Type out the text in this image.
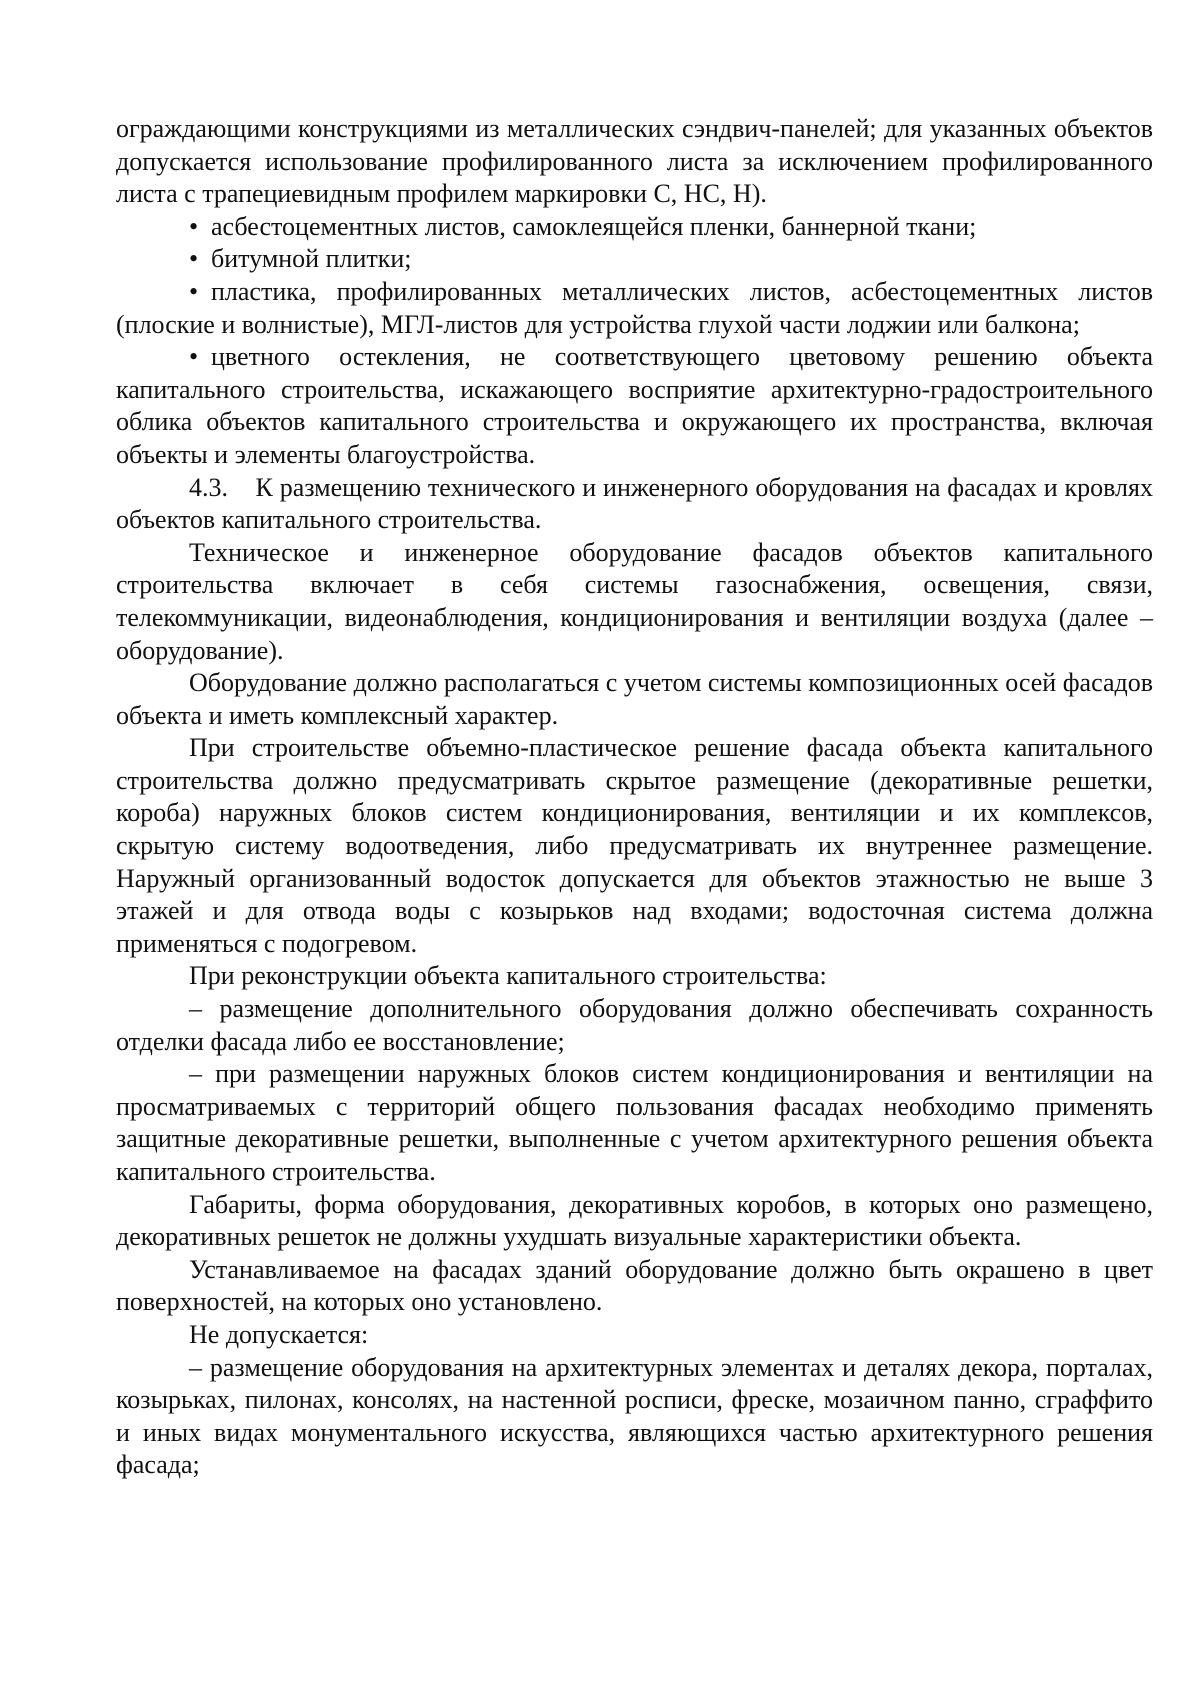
ограждающими конструкциями из металлических сэндвич-панелей; для указанных объектов допускается использование профилированного листа за исключением профилированного листа с трапециевидным профилем маркировки С, НС, Н).

• асбестоцементных листов, самоклеящейся пленки, баннерной ткани;

• битумной плитки;

• пластика, профилированных металлических листов, асбестоцементных листов (плоские и волнистые), МГЛ-листов для устройства глухой части лоджии или балкона;

• цветного остекления, не соответствующего цветовому решению объекта капитального строительства, искажающего восприятие архитектурно-градостроительного облика объектов капитального строительства и окружающего их пространства, включая объекты и элементы благоустройства.

4.3.    К размещению технического и инженерного оборудования на фасадах и кровлях объектов капитального строительства.

Техническое и инженерное оборудование фасадов объектов капитального строительства включает в себя системы газоснабжения, освещения, связи, телекоммуникации, видеонаблюдения, кондиционирования и вентиляции воздуха (далее – оборудование).

Оборудование должно располагаться с учетом системы композиционных осей фасадов объекта и иметь комплексный характер.

При строительстве объемно-пластическое решение фасада объекта капитального строительства должно предусматривать скрытое размещение (декоративные решетки, короба) наружных блоков систем кондиционирования, вентиляции и их комплексов, скрытую систему водоотведения, либо предусматривать их внутреннее размещение. Наружный организованный водосток допускается для объектов этажностью не выше 3 этажей и для отвода воды с козырьков над входами; водосточная система должна применяться с подогревом.

При реконструкции объекта капитального строительства:

– размещение дополнительного оборудования должно обеспечивать сохранность отделки фасада либо ее восстановление;

– при размещении наружных блоков систем кондиционирования и вентиляции на просматриваемых с территорий общего пользования фасадах необходимо применять защитные декоративные решетки, выполненные с учетом архитектурного решения объекта капитального строительства.

Габариты, форма оборудования, декоративных коробов, в которых оно размещено, декоративных решеток не должны ухудшать визуальные характеристики объекта.

Устанавливаемое на фасадах зданий оборудование должно быть окрашено в цвет поверхностей, на которых оно установлено.

Не допускается:

– размещение оборудования на архитектурных элементах и деталях декора, порталах, козырьках, пилонах, консолях, на настенной росписи, фреске, мозаичном панно, сграффито и иных видах монументального искусства, являющихся частью архитектурного решения фасада;
